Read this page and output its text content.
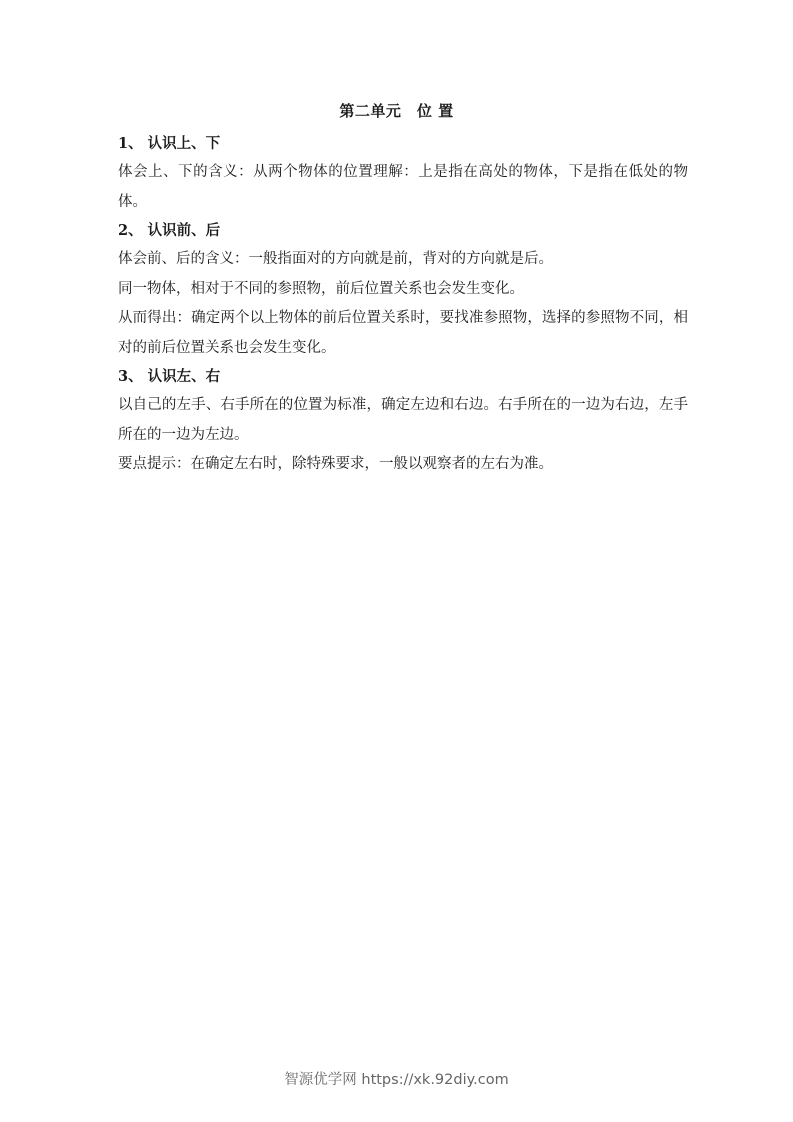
第二单元　位 置

1、 认识上、下

体会上、下的含义：从两个物体的位置理解：上是指在高处的物体，下是指在低处的物体。

2、 认识前、后

体会前、后的含义：一般指面对的方向就是前，背对的方向就是后。

同一物体，相对于不同的参照物，前后位置关系也会发生变化。

从而得出：确定两个以上物体的前后位置关系时，要找准参照物，选择的参照物不同，相对的前后位置关系也会发生变化。

3、 认识左、右

以自己的左手、右手所在的位置为标准，确定左边和右边。右手所在的一边为右边，左手所在的一边为左边。

要点提示：在确定左右时，除特殊要求，一般以观察者的左右为准。

智源优学网 https://xk.92diy.com
